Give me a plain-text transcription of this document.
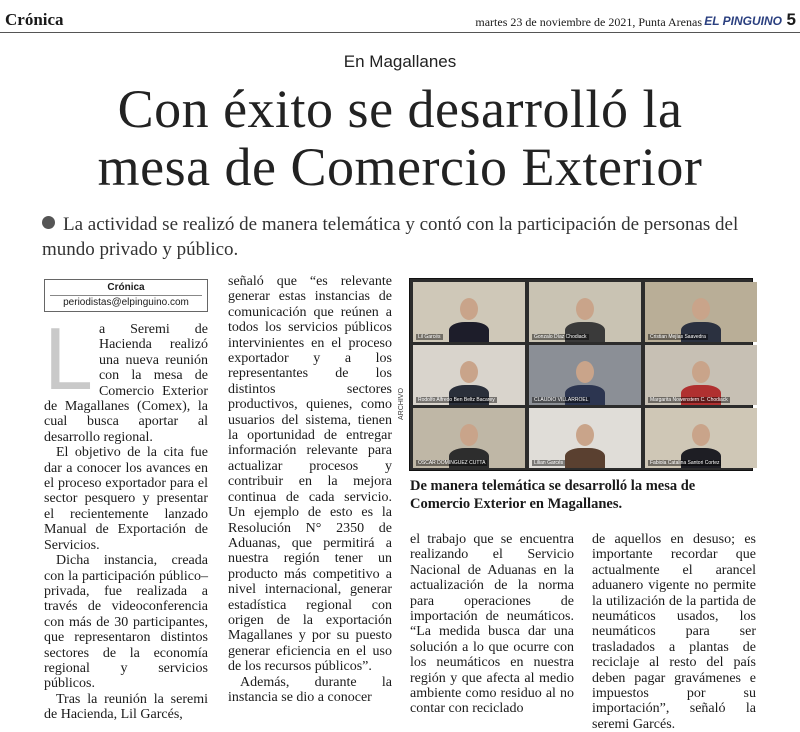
Crónica	martes 23 de noviembre de 2021, Punta Arenas EL PINGUINO 5
En Magallanes
Con éxito se desarrolló la
mesa de Comercio Exterior
La actividad se realizó de manera telemática y contó con la participación de personas del mundo privado y público.
Crónica
periodistas@elpinguino.com

La Seremi de Hacienda realizó una nueva reunión con la mesa de Comercio Exterior de Magallanes (Comex), la cual busca aportar al desarrollo regional.

El objetivo de la cita fue dar a conocer los avances en el proceso exportador para el sector pesquero y presentar el recientemente lanzado Manual de Exportación de Servicios.

Dicha instancia, creada con la participación público–privada, fue realizada a través de videoconferencia con más de 30 participantes, que representaron distintos sectores de la economía regional y servicios públicos.

Tras la reunión la seremi de Hacienda, Lil Garcés,

señaló que “es relevante generar estas instancias de comunicación que reúnen a todos los servicios públicos intervinientes en el proceso exportador y a los representantes de los distintos sectores productivos, quienes, como usuarios del sistema, tienen la oportunidad de entregar información relevante para actualizar procesos y contribuir en la mejora continua de cada servicio. Un ejemplo de esto es la Resolución N° 2350 de Aduanas, que permitirá a nuestra región tener un producto más competitivo a nivel internacional, generar estadística regional con origen de la exportación Magallanes y por su puesto generar eficiencia en el uso de los recursos públicos”.

Además, durante la instancia se dio a conocer

Lil Garcés	Gonzalo Díaz Chodiack	Cristian Mejías Saavedra
Rodolfo Alfredo Ben Beltz Bacarey	CLAUDIO VILLARROEL	Margarita Nowenstern C. Chodiack
OSCAR DOMINGUEZ CUTTA	Lilian Garcés	Fabiola Catalina Santori Cortez
ARCHIVO
De manera telemática se desarrolló la mesa de Comercio Exterior en Magallanes.

el trabajo que se encuentra realizando el Servicio Nacional de Aduanas en la actualización de la norma para operaciones de importación de neumáticos. “La medida busca dar una solución a lo que ocurre con los neumáticos en nuestra región y que afecta al medio ambiente como residuo al no contar con reciclado

de aquellos en desuso; es importante recordar que actualmente el arancel aduanero vigente no permite la utilización de la partida de neumáticos usados, los neumáticos para ser trasladados a plantas de reciclaje al resto del país deben pagar gravámenes e impuestos por su importación”, señaló la seremi Garcés.
